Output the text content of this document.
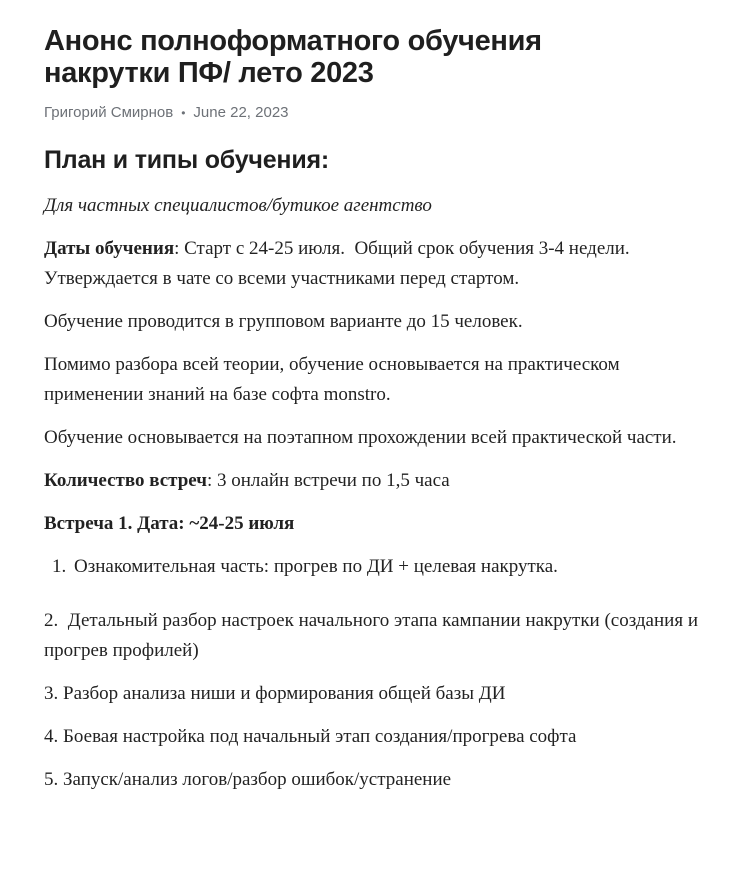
Анонс полноформатного обучения накрутки ПФ/ лето 2023
Григорий Смирнов • June 22, 2023
План и типы обучения:

Для частных специалистов/бутикое агентство

Даты обучения: Старт с 24-25 июля.  Общий срок обучения 3-4 недели. Утверждается в чате со всеми участниками перед стартом.

Обучение проводится в групповом варианте до 15 человек.

Помимо разбора всей теории, обучение основывается на практическом применении знаний на базе софта monstro.

Обучение основывается на поэтапном прохождении всей практической части.

Количество встреч: 3 онлайн встречи по 1,5 часа

Встреча 1. Дата: ~24-25 июля

1. Ознакомительная часть: прогрев по ДИ + целевая накрутка.

2.  Детальный разбор настроек начального этапа кампании накрутки (создания и прогрев профилей)

3. Разбор анализа ниши и формирования общей базы ДИ

4. Боевая настройка под начальный этап создания/прогрева софта

5. Запуск/анализ логов/разбор ошибок/устранение
